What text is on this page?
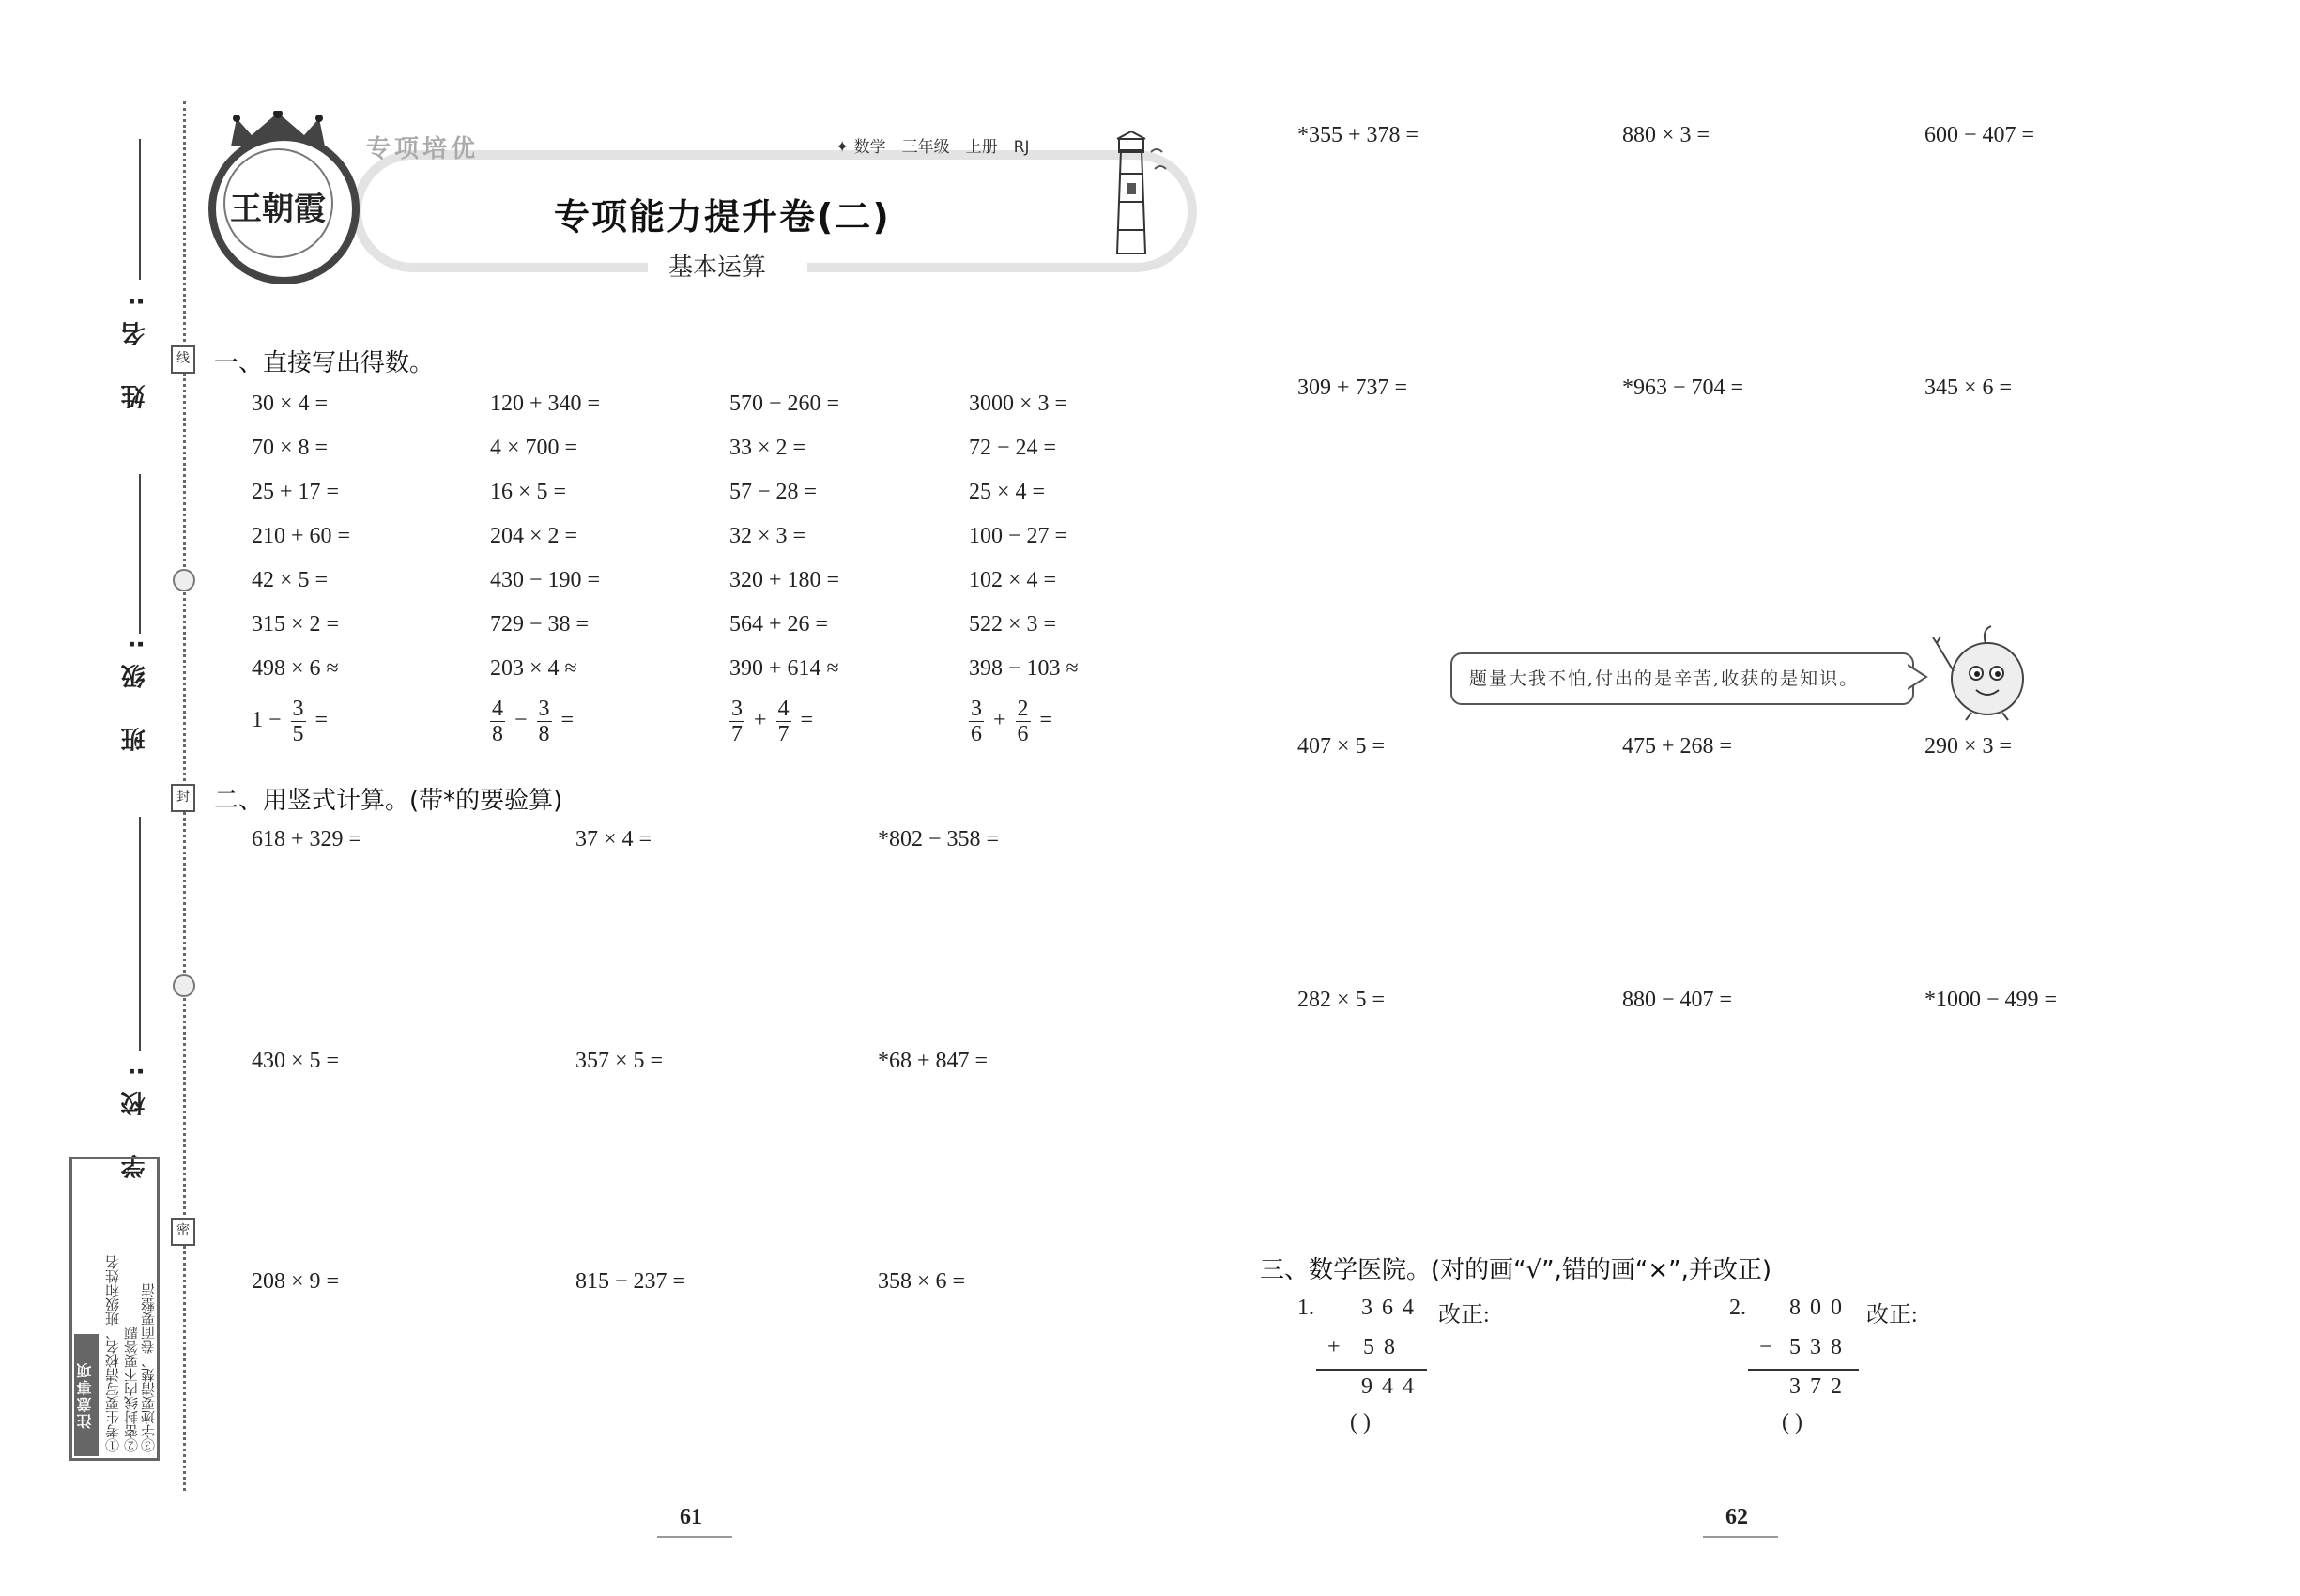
姓 名:
班 级:
学 校:
线
封
密
注意事项 ①考生要写清校名、班级和姓名 ②密封线内不要答题 ③字迹要清楚、卷面要整洁
王朝霞
专项培优	✦ 数学　三年级　上册　RJ
专项能力提升卷(二)
基本运算
一、直接写出得数。
30 × 4 =	120 + 340 =	570 − 260 =	3000 × 3 =
70 × 8 =	4 × 700 =	33 × 2 =	72 − 24 =
25 + 17 =	16 × 5 =	57 − 28 =	25 × 4 =
210 + 60 =	204 × 2 =	32 × 3 =	100 − 27 =
42 × 5 =	430 − 190 =	320 + 180 =	102 × 4 =
315 × 2 =	729 − 38 =	564 + 26 =	522 × 3 =
498 × 6 ≈	203 × 4 ≈	390 + 614 ≈	398 − 103 ≈
$1 - \frac{3}{5}$ =	$\frac{4}{8} - \frac{3}{8}$ =	$\frac{3}{7} + \frac{4}{7}$ =	$\frac{3}{6} + \frac{2}{6}$ =
二、用竖式计算。(带*的要验算)
618 + 329 =	37 × 4 =	*802 − 358 =
430 × 5 =	357 × 5 =	*68 + 847 =
208 × 9 =	815 − 237 =	358 × 6 =
*355 + 378 =	880 × 3 =	600 − 407 =
309 + 737 =	*963 − 704 =	345 × 6 =
407 × 5 =	475 + 268 =	290 × 3 =
282 × 5 =	880 − 407 =	*1000 − 499 =
题量大我不怕,付出的是辛苦,收获的是知识。
三、数学医院。(对的画“√”,错的画“×”,并改正)
1. 364 改正:
+ 58
944
( )
2. 800 改正:
− 538
372
( )
61	62
